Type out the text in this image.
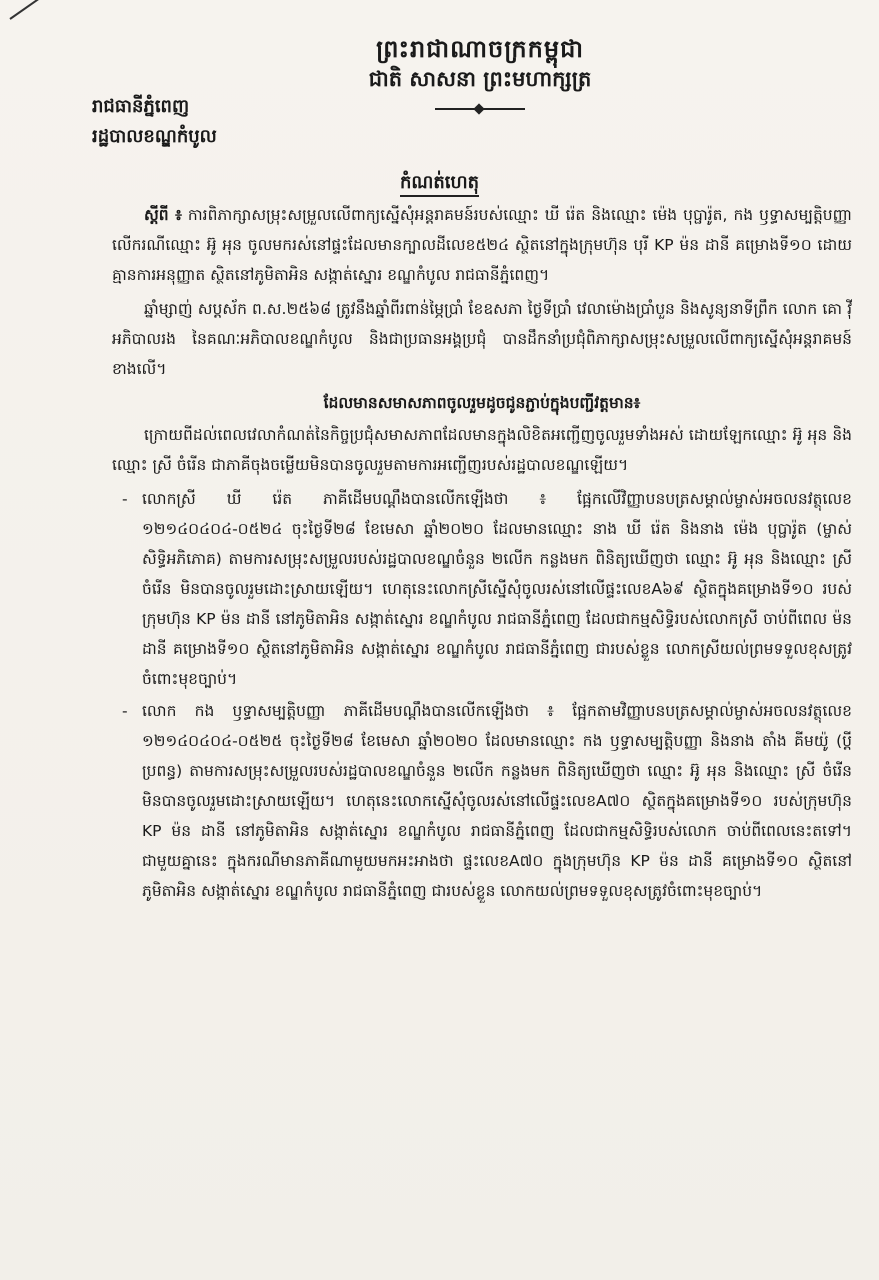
ព្រះរាជាណាចក្រកម្ពុជា
ជាតិ សាសនា ព្រះមហាក្សត្រ
រាជធានីភ្នំពេញ
រដ្ឋបាលខណ្ឌកំបូល
កំណត់ហេតុ

ស្តីពី ៖ ការពិភាក្សាសម្រុះសម្រួលលើពាក្យស្នើសុំអន្តរាគមន៍របស់ឈ្មោះ ឃី រ៉េត និងឈ្មោះ ម៉េង បុប្ផារ៉ូត, កង ឫទ្ធាសម្បត្តិបញ្ញា លើករណីឈ្មោះ អ៊ូ អុន ចូលមករស់នៅផ្ទះដែលមានក្បាលដីលេខ៥២៤ ស្ថិតនៅក្នុងក្រុមហ៊ុន បុរី KP ម៉ន ដានី គម្រោងទី១០ ដោយគ្មានការអនុញ្ញាត ស្ថិតនៅភូមិតាអិន សង្កាត់ស្នោរ ខណ្ឌកំបូល រាជធានីភ្នំពេញ។

ឆ្នាំម្សាញ់ សប្តស័ក ព.ស.២៥៦៨ ត្រូវនឹងឆ្នាំពីរពាន់ម្ភៃប្រាំ ខែឧសភា ថ្ងៃទីប្រាំ វេលាម៉ោងប្រាំបួន និងសូន្យនាទីព្រឹក លោក គោ វ៉ី អភិបាលរង នៃគណៈអភិបាលខណ្ឌកំបូល និងជាប្រធានអង្គប្រជុំ បានដឹកនាំប្រជុំពិភាក្សាសម្រុះសម្រួលលើពាក្យស្នើសុំអន្តរាគមន៍ខាងលើ។

ដែលមានសមាសភាពចូលរួមដូចជូនភ្ជាប់ក្នុងបញ្ជីវត្តមាន៖

ក្រោយពីដល់ពេលវេលាកំណត់នៃកិច្ចប្រជុំសមាសភាពដែលមានក្នុងលិខិតអញ្ជើញចូលរួមទាំងអស់ ដោយឡែកឈ្មោះ អ៊ូ អុន និងឈ្មោះ ស្រី ចំរើន ជាភាគីចុងចម្លើយមិនបានចូលរួមតាមការអញ្ជើញរបស់រដ្ឋបាលខណ្ឌឡើយ។

- លោកស្រី ឃី រ៉េត ភាគីដើមបណ្តឹងបានលើកឡើងថា ៖ ផ្អែកលើវិញ្ញាបនបត្រសម្គាល់ម្ចាស់អចលនវត្ថុលេខ ១២១៤០៤០៤-០៥២៤ ចុះថ្ងៃទី២៨ ខែមេសា ឆ្នាំ២០២០ ដែលមានឈ្មោះ នាង ឃី រ៉េត និងនាង ម៉េង បុប្ផារ៉ូត (ម្ចាស់សិទ្ធិអភិភោគ) តាមការសម្រុះសម្រួលរបស់រដ្ឋបាលខណ្ឌចំនួន ២លើក កន្លងមក ពិនិត្យឃើញថា ឈ្មោះ អ៊ូ អុន និងឈ្មោះ ស្រី ចំរើន មិនបានចូលរួមដោះស្រាយឡើយ។ ហេតុនេះលោកស្រីស្នើសុំចូលរស់នៅលើផ្ទះលេខA៦៩ ស្ថិតក្នុងគម្រោងទី១០ របស់ក្រុមហ៊ុន KP ម៉ន ដានី នៅភូមិតាអិន សង្កាត់ស្នោរ ខណ្ឌកំបូល រាជធានីភ្នំពេញ ដែលជាកម្មសិទ្ធិរបស់លោកស្រី ចាប់ពីពេល ម៉ន ដានី គម្រោងទី១០ ស្ថិតនៅភូមិតាអិន សង្កាត់ស្នោរ ខណ្ឌកំបូល រាជធានីភ្នំពេញ ជារបស់ខ្លួន លោកស្រីយល់ព្រមទទួលខុសត្រូវចំពោះមុខច្បាប់។
- លោក កង ឫទ្ធាសម្បត្តិបញ្ញា ភាគីដើមបណ្តឹងបានលើកឡើងថា ៖ ផ្អែកតាមវិញ្ញាបនបត្រសម្គាល់ម្ចាស់អចលនវត្ថុលេខ ១២១៤០៤០៤-០៥២៥ ចុះថ្ងៃទី២៨ ខែមេសា ឆ្នាំ២០២០ ដែលមានឈ្មោះ កង ឫទ្ធាសម្បត្តិបញ្ញា និងនាង តាំង គីមយ៉ូ (ប្តីប្រពន្ធ) តាមការសម្រុះសម្រួលរបស់រដ្ឋបាលខណ្ឌចំនួន ២លើក កន្លងមក ពិនិត្យឃើញថា ឈ្មោះ អ៊ូ អុន និងឈ្មោះ ស្រី ចំរើន មិនបានចូលរួមដោះស្រាយឡើយ។ ហេតុនេះលោកស្នើសុំចូលរស់នៅលើផ្ទះលេខA៧០ ស្ថិតក្នុងគម្រោងទី១០ របស់ក្រុមហ៊ុន KP ម៉ន ដានី នៅភូមិតាអិន សង្កាត់ស្នោរ ខណ្ឌកំបូល រាជធានីភ្នំពេញ ដែលជាកម្មសិទ្ធិរបស់លោក ចាប់ពីពេលនេះតទៅ។ ជាមួយគ្នានេះ ក្នុងករណីមានភាគីណាមួយមកអះអាងថា ផ្ទះលេខA៧០ ក្នុងក្រុមហ៊ុន KP ម៉ន ដានី គម្រោងទី១០ ស្ថិតនៅភូមិតាអិន សង្កាត់ស្នោរ ខណ្ឌកំបូល រាជធានីភ្នំពេញ ជារបស់ខ្លួន លោកយល់ព្រមទទួលខុសត្រូវចំពោះមុខច្បាប់។
